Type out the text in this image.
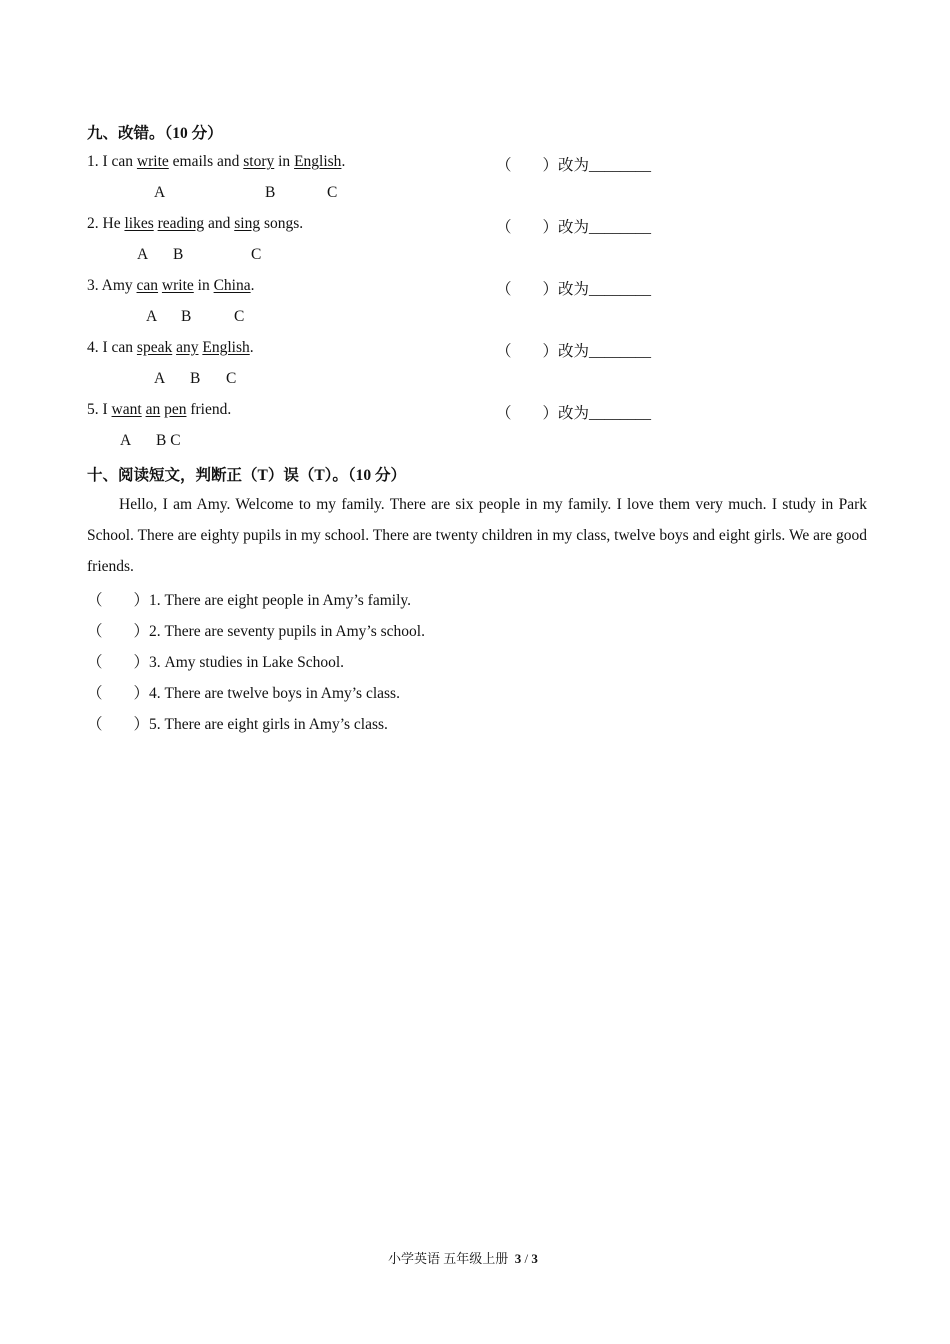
九、改错。（10 分）
1. I can write emails and story in English.	（　　）改为________
A	B	C
2. He likes reading and sing songs.	（　　）改为________
A B	C
3. Amy can write in China.	（　　）改为________
A B	C
4. I can speak any English.	（　　）改为________
A B C
5. I want an pen friend.	（　　）改为________
A B C
十、阅读短文，判断正（T）误（T）。（10 分）
Hello, I am Amy. Welcome to my family. There are six people in my family. I love them very much. I study in Park School. There are eighty pupils in my school. There are twenty children in my class, twelve boys and eight girls. We are good friends.
（　　）1. There are eight people in Amy’s family.
（　　）2. There are seventy pupils in Amy’s school.
（　　）3. Amy studies in Lake School.
（　　）4. There are twelve boys in Amy’s class.
（　　）5. There are eight girls in Amy’s class.
小学英语 五年级上册 3 / 3
